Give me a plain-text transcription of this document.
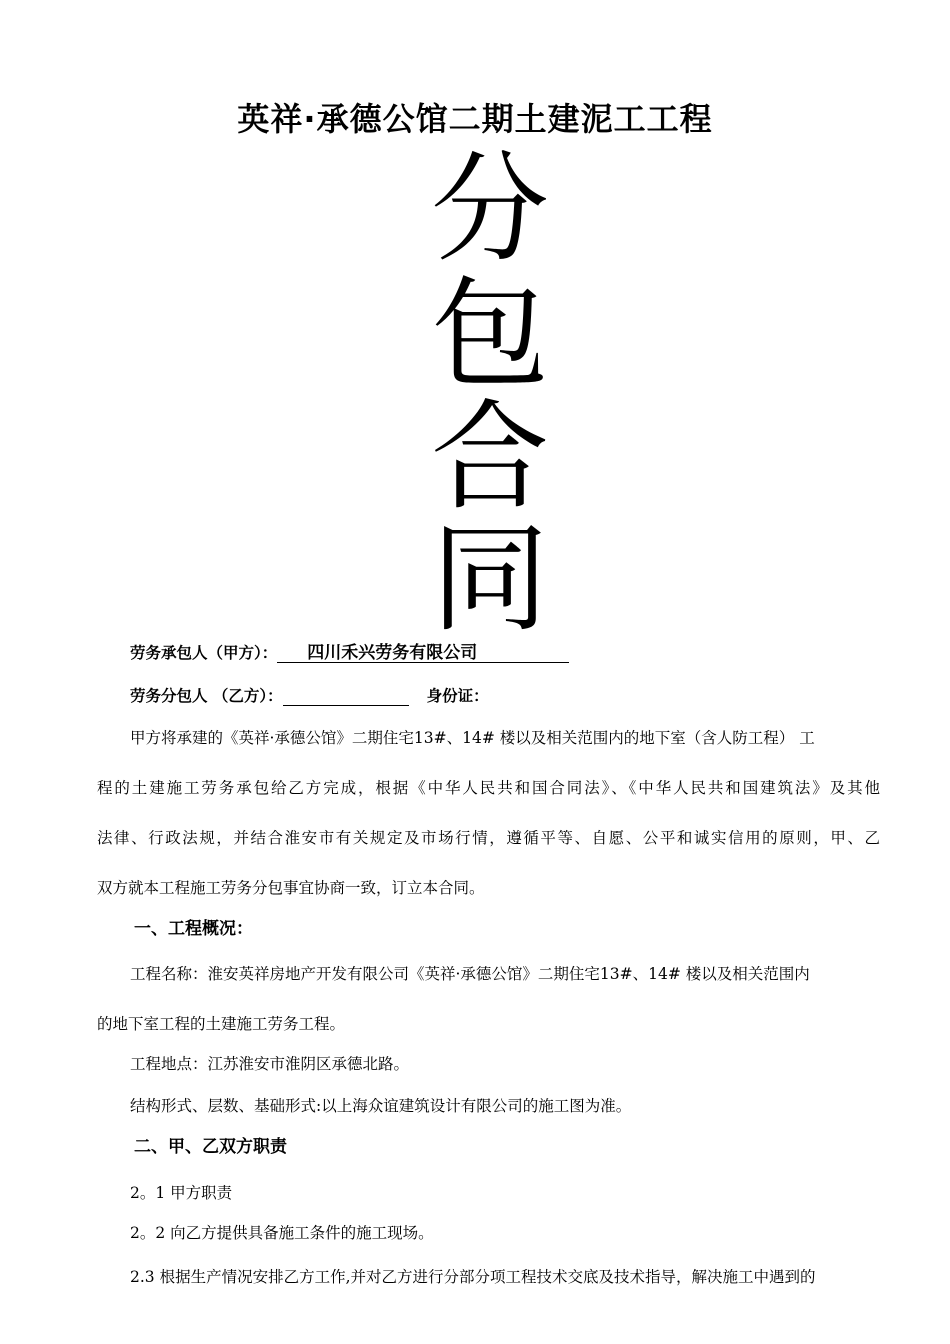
英祥·承德公馆二期土建泥工工程
分
包
合
同
劳务承包人（甲方）： 四川禾兴劳务有限公司
劳务分包人 （乙方）：	身份证：
甲方将承建的《英祥·承德公馆》二期住宅13#、14# 楼以及相关范围内的地下室（含人防工程） 工
程的土建施工劳务承包给乙方完成，根据《中华人民共和国合同法》、《中华人民共和国建筑法》及其他
法律、行政法规，并结合淮安市有关规定及市场行情，遵循平等、自愿、公平和诚实信用的原则，甲、乙
双方就本工程施工劳务分包事宜协商一致，订立本合同。
一、工程概况：
工程名称：淮安英祥房地产开发有限公司《英祥·承德公馆》二期住宅13#、14# 楼以及相关范围内
的地下室工程的土建施工劳务工程。
工程地点：江苏淮安市淮阴区承德北路。
结构形式、层数、基础形式:以上海众谊建筑设计有限公司的施工图为准。
二、甲、乙双方职责
2。1 甲方职责
2。2 向乙方提供具备施工条件的施工现场。
2.3 根据生产情况安排乙方工作,并对乙方进行分部分项工程技术交底及技术指导，解决施工中遇到的
